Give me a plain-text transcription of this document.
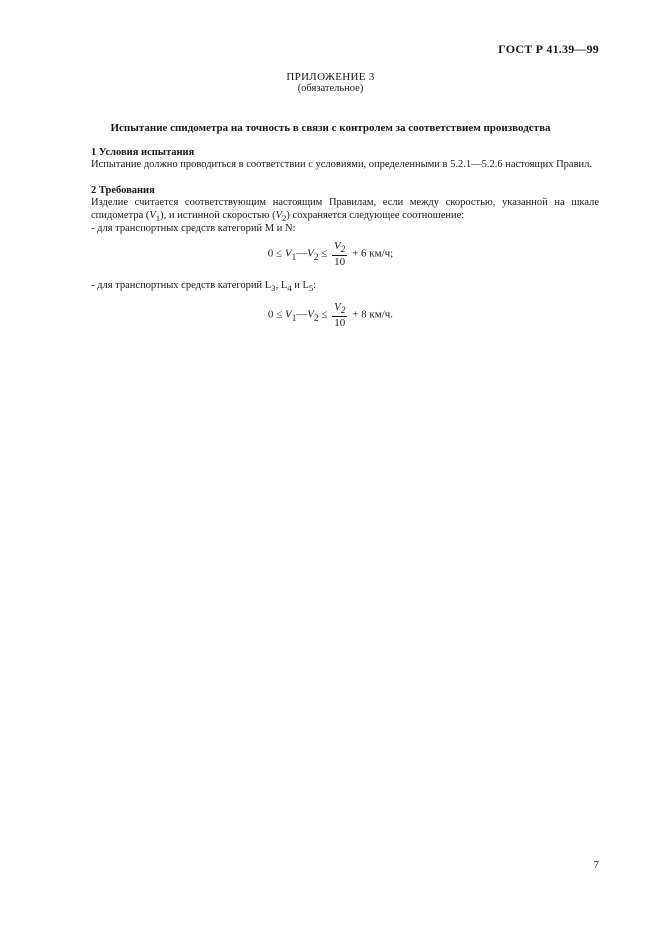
ГОСТ Р 41.39—99
ПРИЛОЖЕНИЕ 3
(обязательное)
Испытание спидометра на точность в связи с контролем за соответствием производства
1 Условия испытания
Испытание должно проводиться в соответствии с условиями, определенными в 5.2.1—5.2.6 настоящих Правил.
2 Требования
Изделие считается соответствующим настоящим Правилам, если между скоростью, указанной на шкале спидометра $(V_1)$, и истинной скоростью $(V_2)$ сохраняется следующее соотношение:
- для транспортных средств категорий М и N:
$0 \le V_1—V_2 \le \frac{V_2}{10} + 6$ км/ч;
- для транспортных средств категорий $L_3$, $L_4$ и $L_5$:
$0 \le V_1—V_2 \le \frac{V_2}{10} + 8$ км/ч.
7
